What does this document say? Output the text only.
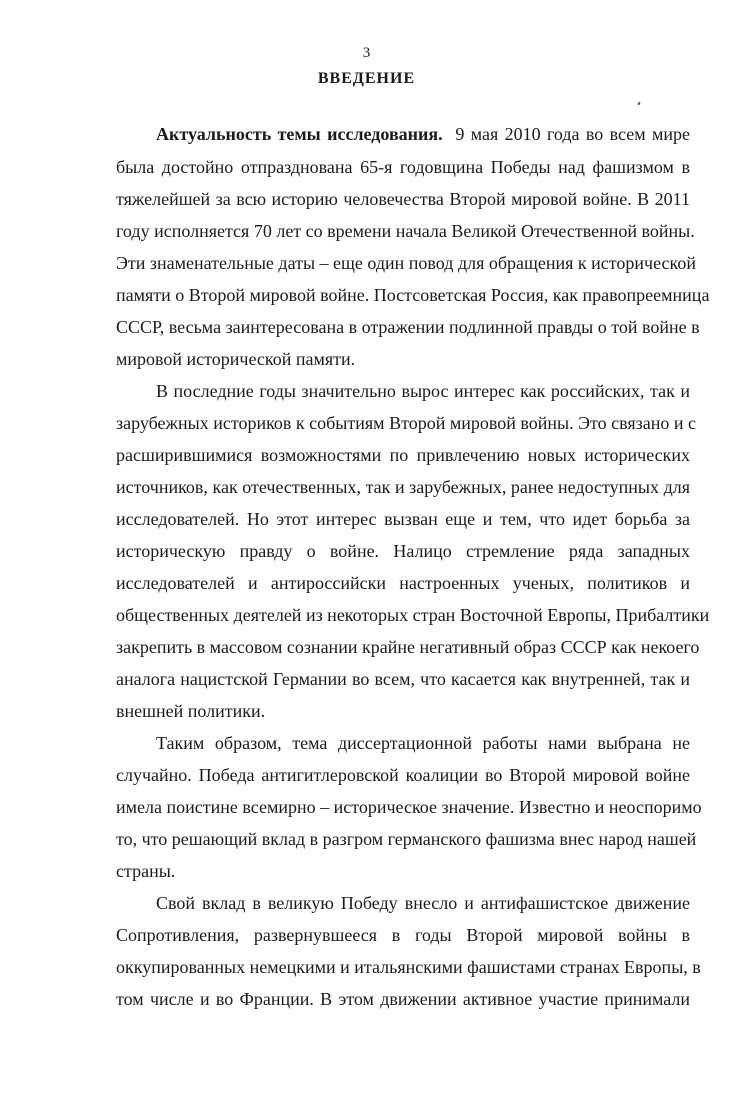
3
ВВЕДЕНИЕ
Актуальность темы исследования. 9 мая 2010 года во всем мире
была достойно отпразднована 65-я годовщина Победы над фашизмом в
тяжелейшей за всю историю человечества Второй мировой войне. В 2011
году исполняется 70 лет со времени начала Великой Отечественной войны.
Эти знаменательные даты – еще один повод для обращения к исторической
памяти о Второй мировой войне. Постсоветская Россия, как правопреемница
СССР, весьма заинтересована в отражении подлинной правды о той войне в
мировой исторической памяти.
В последние годы значительно вырос интерес как российских, так и
зарубежных историков к событиям Второй мировой войны. Это связано и с
расширившимися возможностями по привлечению новых исторических
источников, как отечественных, так и зарубежных, ранее недоступных для
исследователей. Но этот интерес вызван еще и тем, что идет борьба за
историческую правду о войне. Налицо стремление ряда западных
исследователей и антироссийски настроенных ученых, политиков и
общественных деятелей из некоторых стран Восточной Европы, Прибалтики
закрепить в массовом сознании крайне негативный образ СССР как некоего
аналога нацистской Германии во всем, что касается как внутренней, так и
внешней политики.
Таким образом, тема диссертационной работы нами выбрана не
случайно. Победа антигитлеровской коалиции во Второй мировой войне
имела поистине всемирно – историческое значение. Известно и неоспоримо
то, что решающий вклад в разгром германского фашизма внес народ нашей
страны.
Свой вклад в великую Победу внесло и антифашистское движение
Сопротивления, развернувшееся в годы Второй мировой войны в
оккупированных немецкими и итальянскими фашистами странах Европы, в
том числе и во Франции. В этом движении активное участие принимали
